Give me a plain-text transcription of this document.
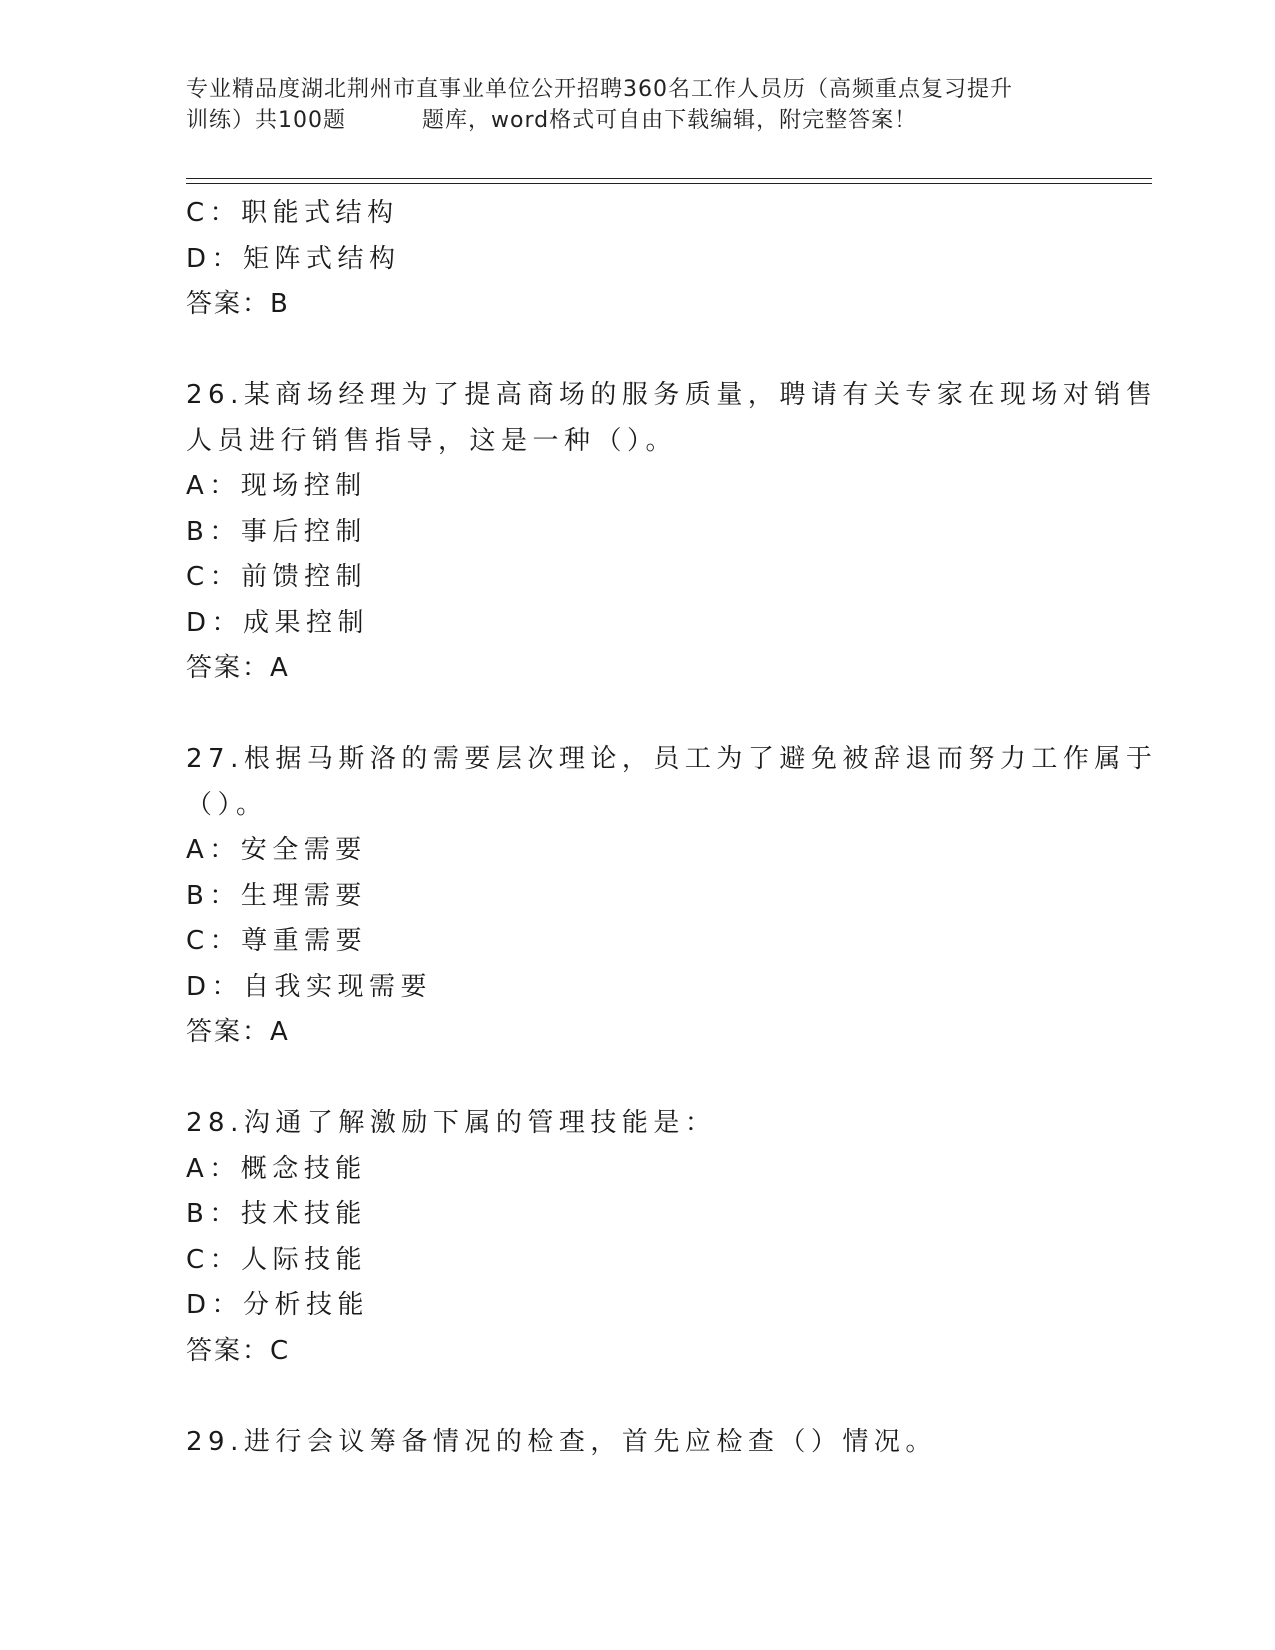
专业精品度湖北荆州市直事业单位公开招聘360名工作人员历（高频重点复习提升
训练）共100题	题库，word格式可自由下载编辑，附完整答案！
C：职能式结构
D：矩阵式结构
答案：B
26.某商场经理为了提高商场的服务质量，聘请有关专家在现场对销售
人员进行销售指导，这是一种（）。
A：现场控制
B：事后控制
C：前馈控制
D：成果控制
答案：A
27.根据马斯洛的需要层次理论，员工为了避免被辞退而努力工作属于
（）。
A：安全需要
B：生理需要
C：尊重需要
D：自我实现需要
答案：A
28.沟通了解激励下属的管理技能是：
A：概念技能
B：技术技能
C：人际技能
D：分析技能
答案：C
29.进行会议筹备情况的检查，首先应检查（）情况。
